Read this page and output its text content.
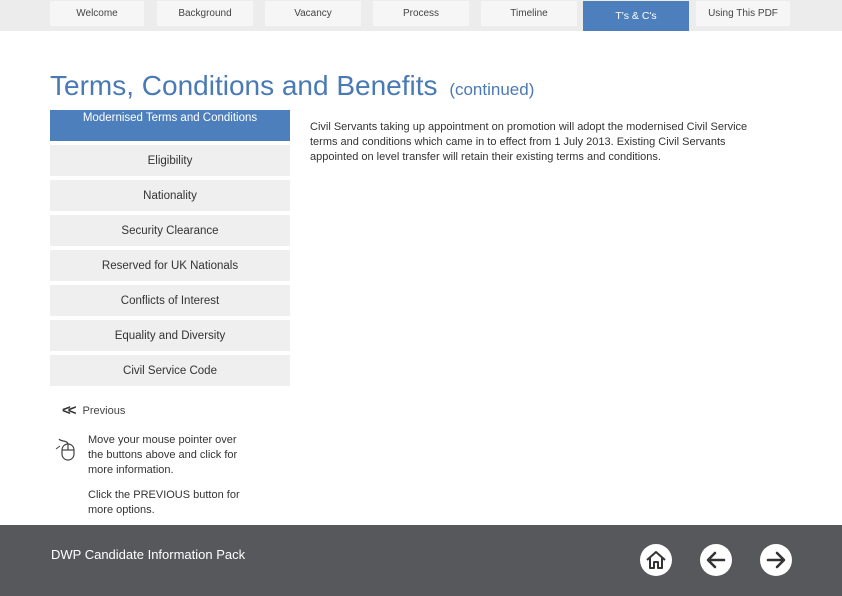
Welcome	Background	Vacancy	Process	Timeline	T's & C's	Using This PDF
Terms, Conditions and Benefits (continued)
Modernised Terms and Conditions
Eligibility
Nationality
Security Clearance
Reserved for UK Nationals
Conflicts of Interest
Equality and Diversity
Civil Service Code
Civil Servants taking up appointment on promotion will adopt the modernised Civil Service terms and conditions which came in to effect from 1 July 2013. Existing Civil Servants appointed on level transfer will retain their existing terms and conditions.
<< Previous
Move your mouse pointer over the buttons above and click for more information.
Click the PREVIOUS button for more options.
DWP Candidate Information Pack
